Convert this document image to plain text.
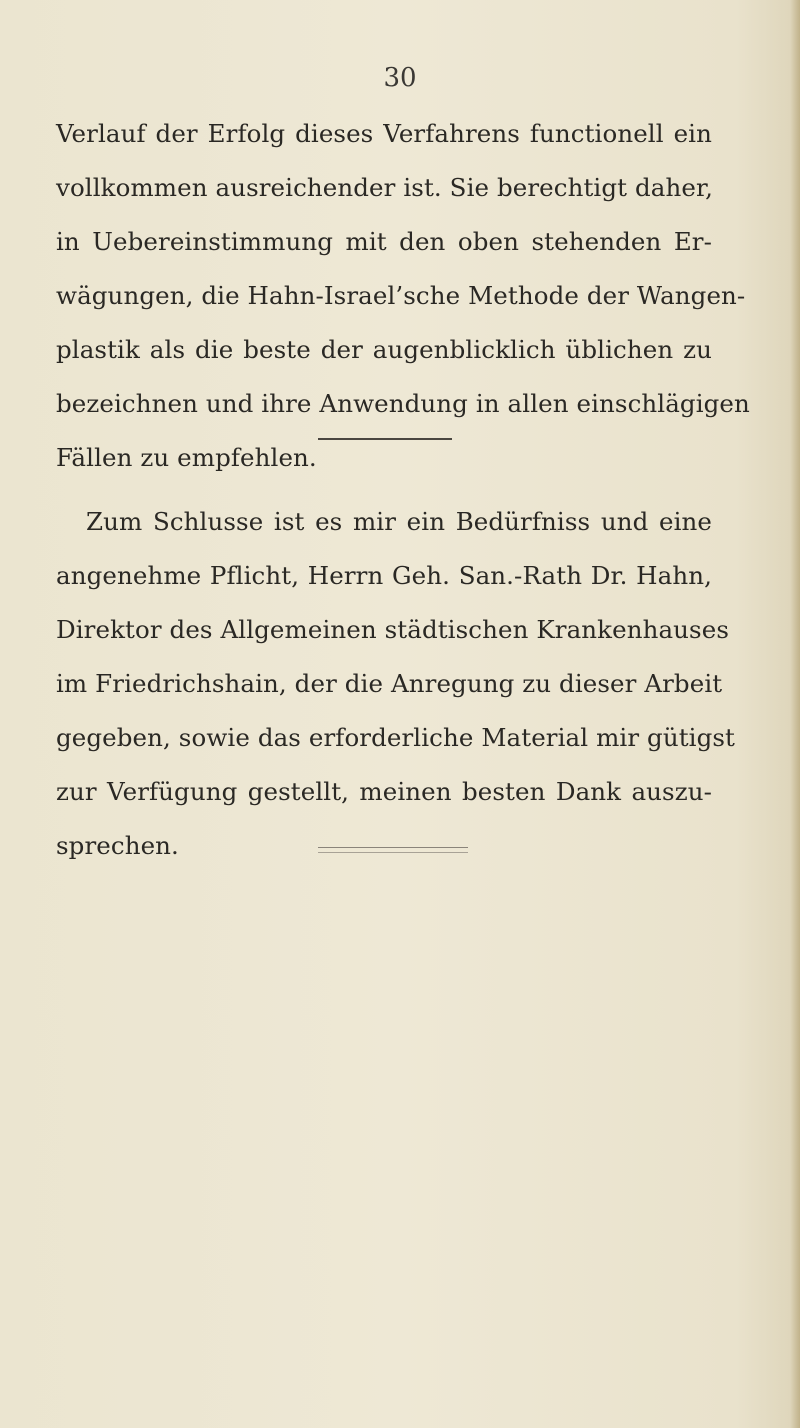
30
Verlauf der Erfolg dieses Verfahrens functionell ein
vollkommen ausreichender ist. Sie berechtigt daher,
in Uebereinstimmung mit den oben stehenden Er-
wägungen, die Hahn-Israel’sche Methode der Wangen-
plastik als die beste der augenblicklich üblichen zu
bezeichnen und ihre Anwendung in allen einschlägigen
Fällen zu empfehlen.
Zum Schlusse ist es mir ein Bedürfniss und eine
angenehme Pflicht, Herrn Geh. San.-Rath Dr. Hahn,
Direktor des Allgemeinen städtischen Krankenhauses
im Friedrichshain, der die Anregung zu dieser Arbeit
gegeben, sowie das erforderliche Material mir gütigst
zur Verfügung gestellt, meinen besten Dank auszu-
sprechen.
